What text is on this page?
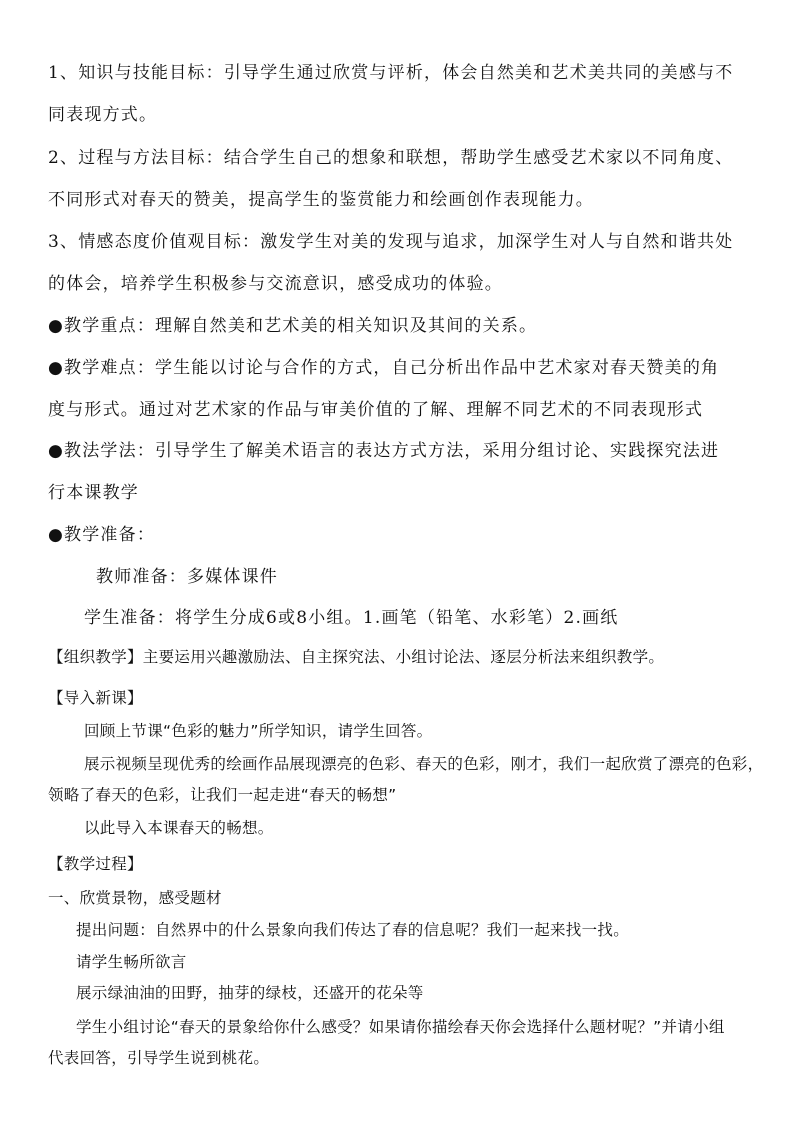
1、知识与技能目标：引导学生通过欣赏与评析，体会自然美和艺术美共同的美感与不

同表现方式。

2、过程与方法目标：结合学生自己的想象和联想，帮助学生感受艺术家以不同角度、

不同形式对春天的赞美，提高学生的鉴赏能力和绘画创作表现能力。

3、情感态度价值观目标：激发学生对美的发现与追求，加深学生对人与自然和谐共处

的体会，培养学生积极参与交流意识，感受成功的体验。

●教学重点：理解自然美和艺术美的相关知识及其间的关系。

●教学难点：学生能以讨论与合作的方式，自己分析出作品中艺术家对春天赞美的角

度与形式。通过对艺术家的作品与审美价值的了解、理解不同艺术的不同表现形式

●教法学法：引导学生了解美术语言的表达方式方法，采用分组讨论、实践探究法进

行本课教学

●教学准备：

教师准备：多媒体课件

学生准备：将学生分成6或8小组。1.画笔（铅笔、水彩笔）2.画纸

【组织教学】主要运用兴趣激励法、自主探究法、小组讨论法、逐层分析法来组织教学。

【导入新课】

回顾上节课“色彩的魅力”所学知识，请学生回答。

展示视频呈现优秀的绘画作品展现漂亮的色彩、春天的色彩，刚才，我们一起欣赏了漂亮的色彩，

领略了春天的色彩，让我们一起走进“春天的畅想”

以此导入本课春天的畅想。

【教学过程】

一、欣赏景物，感受题材

提出问题：自然界中的什么景象向我们传达了春的信息呢？我们一起来找一找。

请学生畅所欲言

展示绿油油的田野，抽芽的绿枝，还盛开的花朵等

学生小组讨论“春天的景象给你什么感受？如果请你描绘春天你会选择什么题材呢？”并请小组

代表回答，引导学生说到桃花。
